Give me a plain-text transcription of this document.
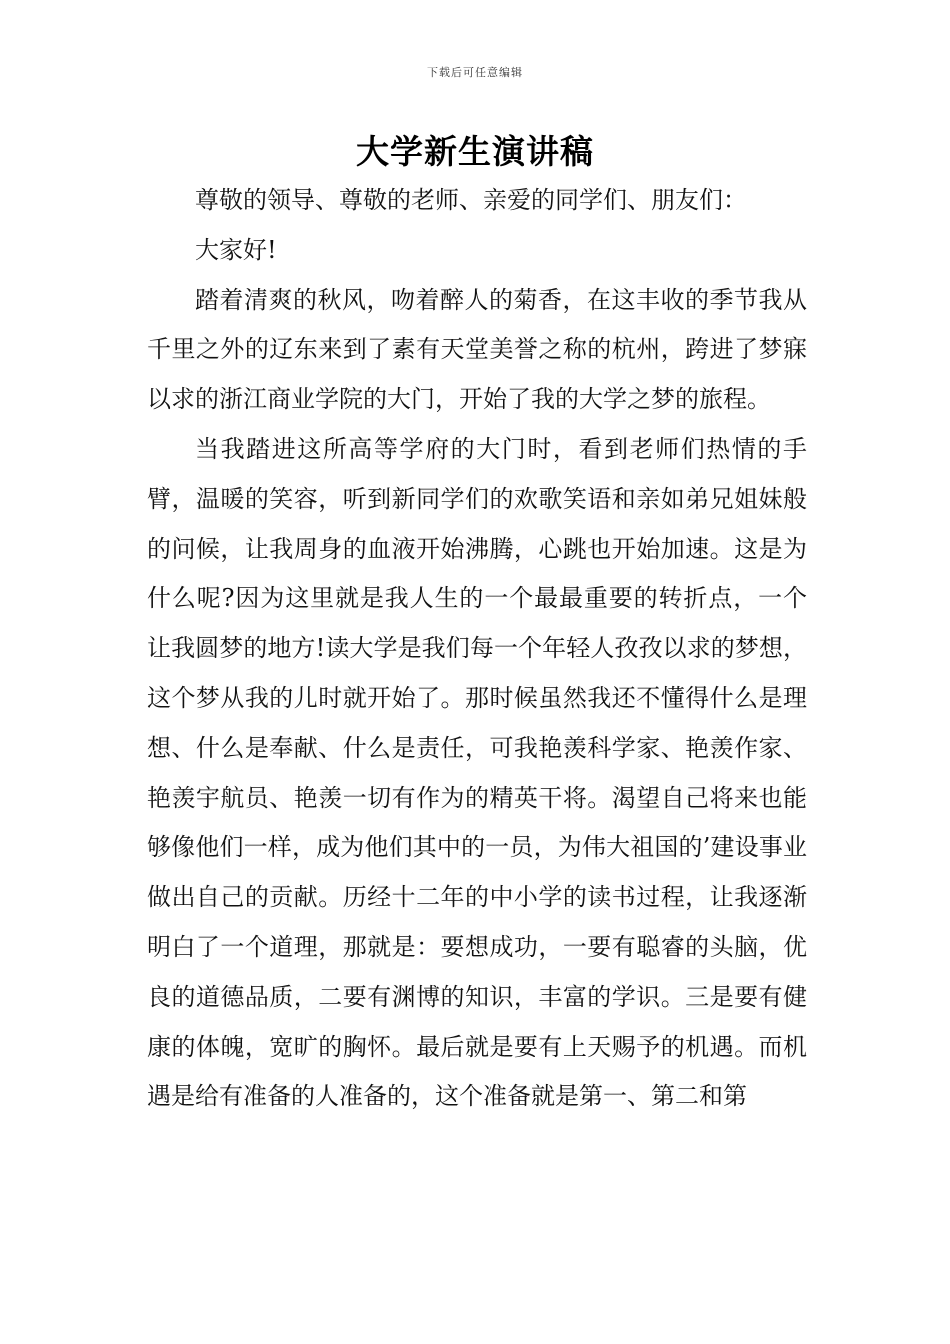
下载后可任意编辑
大学新生演讲稿

尊敬的领导、尊敬的老师、亲爱的同学们、朋友们：

大家好!

踏着清爽的秋风，吻着醉人的菊香，在这丰收的季节我从千里之外的辽东来到了素有天堂美誉之称的杭州，跨进了梦寐以求的浙江商业学院的大门，开始了我的大学之梦的旅程。

当我踏进这所高等学府的大门时，看到老师们热情的手臂，温暖的笑容，听到新同学们的欢歌笑语和亲如弟兄姐妹般的问候，让我周身的血液开始沸腾，心跳也开始加速。这是为什么呢?因为这里就是我人生的一个最最重要的转折点，一个让我圆梦的地方!读大学是我们每一个年轻人孜孜以求的梦想，这个梦从我的儿时就开始了。那时候虽然我还不懂得什么是理想、什么是奉献、什么是责任，可我艳羡科学家、艳羡作家、艳羡宇航员、艳羡一切有作为的精英干将。渴望自己将来也能够像他们一样，成为他们其中的一员，为伟大祖国的’建设事业做出自己的贡献。历经十二年的中小学的读书过程，让我逐渐明白了一个道理，那就是：要想成功，一要有聪睿的头脑，优良的道德品质，二要有渊博的知识，丰富的学识。三是要有健康的体魄，宽旷的胸怀。最后就是要有上天赐予的机遇。而机遇是给有准备的人准备的，这个准备就是第一、第二和第
